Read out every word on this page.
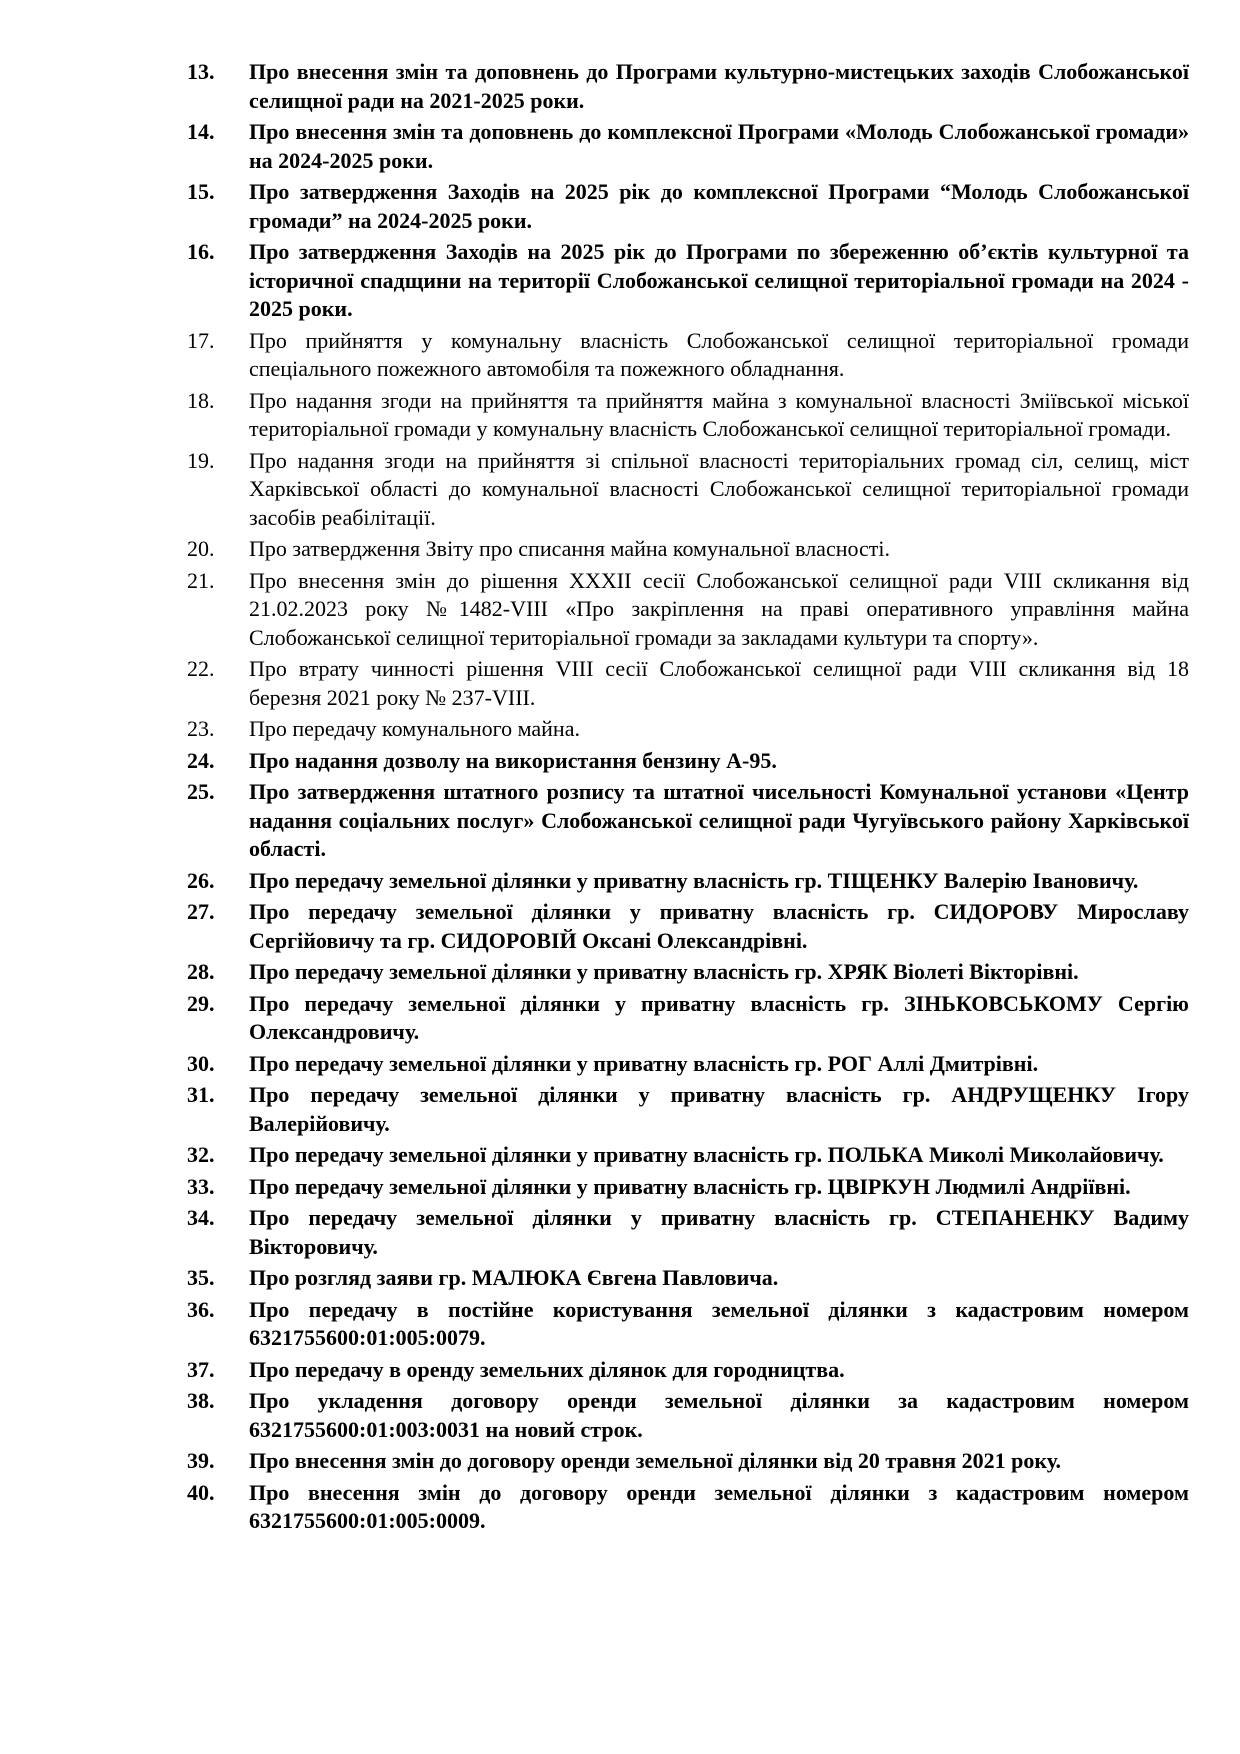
13.	Про внесення змін та доповнень до Програми культурно-мистецьких заходів Слобожанської селищної ради на 2021-2025 роки.
14.	Про внесення змін та доповнень до комплексної Програми «Молодь Слобожанської громади» на 2024-2025 роки.
15.	Про затвердження Заходів на 2025 рік до комплексної Програми “Молодь Слобожанської громади” на 2024-2025 роки.
16.	Про затвердження Заходів на 2025 рік до Програми по збереженню об’єктів культурної та історичної спадщини на території Слобожанської селищної територіальної громади на 2024 - 2025 роки.
17.	Про прийняття у комунальну власність Слобожанської селищної територіальної громади спеціального пожежного автомобіля та пожежного обладнання.
18.	Про надання згоди на прийняття та прийняття майна з комунальної власності Зміївської міської територіальної громади у комунальну власність Слобожанської селищної територіальної громади.
19.	Про надання згоди на прийняття зі спільної власності територіальних громад сіл, селищ, міст Харківської області до комунальної власності Слобожанської селищної територіальної громади засобів реабілітації.
20.	Про затвердження Звіту про списання майна комунальної власності.
21.	Про внесення змін до рішення XXXII сесії Слобожанської селищної ради VIII скликання від 21.02.2023 року №1482-VIII «Про закріплення на праві оперативного управління майна Слобожанської селищної територіальної громади за закладами культури та спорту».
22.	Про втрату чинності рішення VIII сесії Слобожанської селищної ради VIII скликання від 18 березня 2021 року № 237-VIII.
23.	Про передачу комунального майна.
24.	Про надання дозволу на використання бензину А-95.
25.	Про затвердження штатного розпису та штатної чисельності Комунальної установи «Центр надання соціальних послуг» Слобожанської селищної ради Чугуївського району Харківської області.
26.	Про передачу земельної ділянки у приватну власність гр. ТІЩЕНКУ Валерію Івановичу.
27.	Про передачу земельної ділянки у приватну власність гр. СИДОРОВУ Мирославу Сергійовичу та гр. СИДОРОВІЙ Оксані Олександрівні.
28.	Про передачу земельної ділянки у приватну власність гр. ХРЯК Віолеті Вікторівні.
29.	Про передачу земельної ділянки у приватну власність гр. ЗІНЬКОВСЬКОМУ Сергію Олександровичу.
30.	Про передачу земельної ділянки у приватну власність гр. РОГ Аллі Дмитрівні.
31.	Про передачу земельної ділянки у приватну власність гр. АНДРУЩЕНКУ Ігору Валерійовичу.
32.	Про передачу земельної ділянки у приватну власність гр. ПОЛЬКА Миколі Миколайовичу.
33.	Про передачу земельної ділянки у приватну власність гр. ЦВІРКУН Людмилі Андріївні.
34.	Про передачу земельної ділянки у приватну власність гр. СТЕПАНЕНКУ Вадиму Вікторовичу.
35.	Про розгляд заяви гр. МАЛЮКА Євгена Павловича.
36.	Про передачу в постійне користування земельної ділянки з кадастровим номером 6321755600:01:005:0079.
37.	Про передачу в оренду земельних ділянок для городництва.
38.	Про укладення договору оренди земельної ділянки за кадастровим номером 6321755600:01:003:0031 на новий строк.
39.	Про внесення змін до договору оренди земельної ділянки від 20 травня 2021 року.
40.	Про внесення змін до договору оренди земельної ділянки з кадастровим номером 6321755600:01:005:0009.
